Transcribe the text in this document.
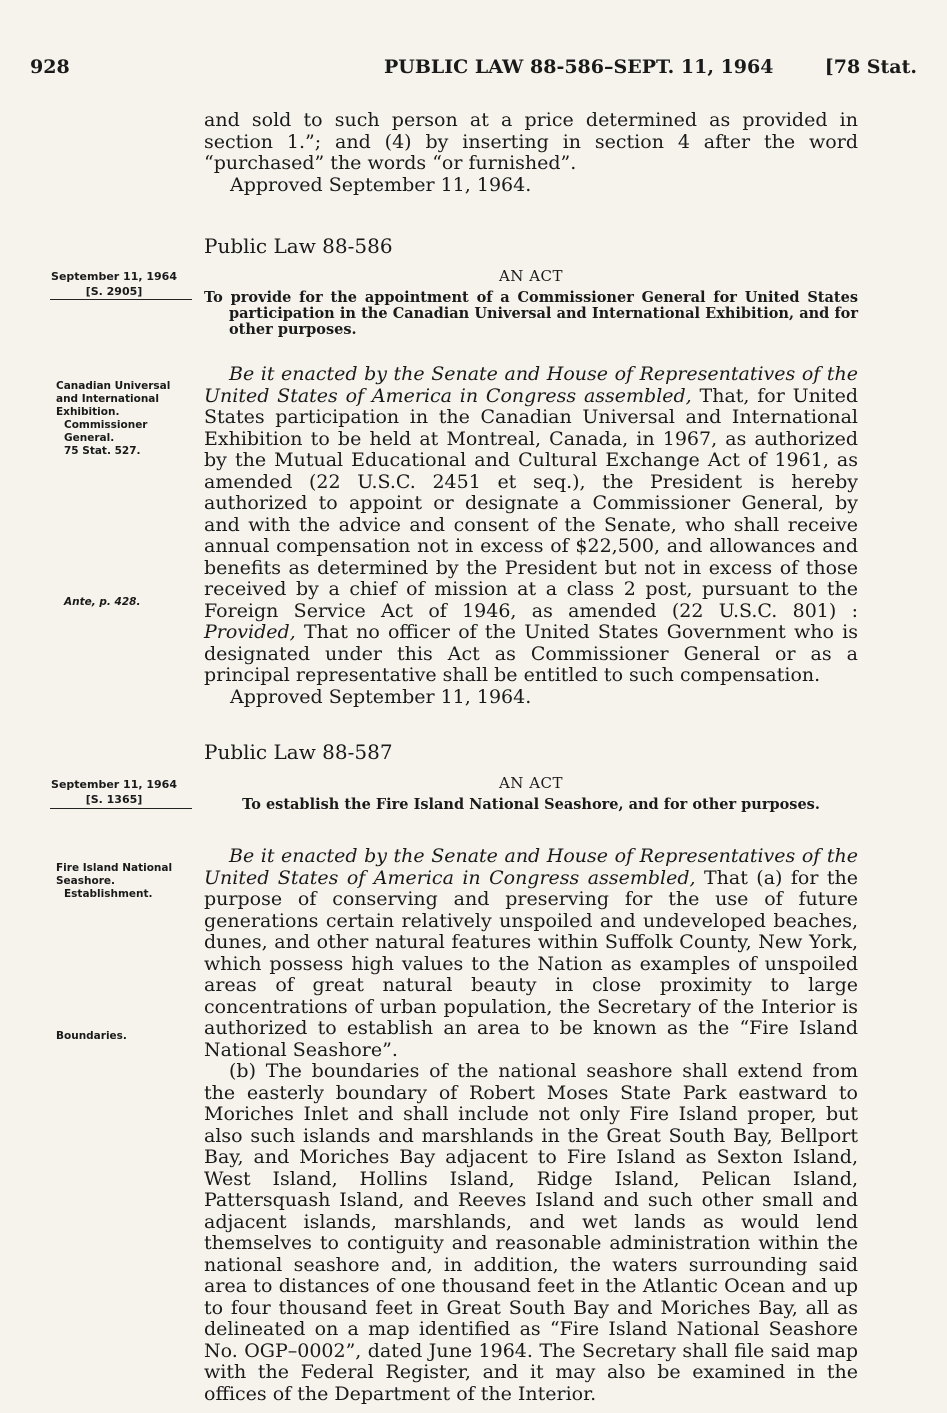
928	PUBLIC LAW 88-586–SEPT. 11, 1964	[78 Stat.

and sold to such person at a price determined as provided in section 1.”; and (4) by inserting in section 4 after the word “purchased” the words “or furnished”.

Approved September 11, 1964.

Public Law 88-586
September 11, 1964
[S. 2905]
AN ACT

To provide for the appointment of a Commissioner General for United States participation in the Canadian Universal and International Exhibition, and for other purposes.

Canadian Universal and International Exhibition.
Commissioner General.
75 Stat. 527.
Ante, p. 428.

Be it enacted by the Senate and House of Representatives of the United States of America in Congress assembled, That, for United States participation in the Canadian Universal and International Exhibition to be held at Montreal, Canada, in 1967, as authorized by the Mutual Educational and Cultural Exchange Act of 1961, as amended (22 U.S.C. 2451 et seq.), the President is hereby authorized to appoint or designate a Commissioner General, by and with the advice and consent of the Senate, who shall receive annual compensation not in excess of $22,500, and allowances and benefits as determined by the President but not in excess of those received by a chief of mission at a class 2 post, pursuant to the Foreign Service Act of 1946, as amended (22 U.S.C. 801) : Provided, That no officer of the United States Government who is designated under this Act as Commissioner General or as a principal representative shall be entitled to such compensation.

Approved September 11, 1964.

Public Law 88-587
September 11, 1964
[S. 1365]
AN ACT

To establish the Fire Island National Seashore, and for other purposes.

Fire Island National Seashore.
Establishment.
Boundaries.

Be it enacted by the Senate and House of Representatives of the United States of America in Congress assembled, That (a) for the purpose of conserving and preserving for the use of future generations certain relatively unspoiled and undeveloped beaches, dunes, and other natural features within Suffolk County, New York, which possess high values to the Nation as examples of unspoiled areas of great natural beauty in close proximity to large concentrations of urban population, the Secretary of the Interior is authorized to establish an area to be known as the “Fire Island National Seashore”.

(b) The boundaries of the national seashore shall extend from the easterly boundary of Robert Moses State Park eastward to Moriches Inlet and shall include not only Fire Island proper, but also such islands and marshlands in the Great South Bay, Bellport Bay, and Moriches Bay adjacent to Fire Island as Sexton Island, West Island, Hollins Island, Ridge Island, Pelican Island, Pattersquash Island, and Reeves Island and such other small and adjacent islands, marshlands, and wet lands as would lend themselves to contiguity and reasonable administration within the national seashore and, in addition, the waters surrounding said area to distances of one thousand feet in the Atlantic Ocean and up to four thousand feet in Great South Bay and Moriches Bay, all as delineated on a map identified as “Fire Island National Seashore No. OGP–0002”, dated June 1964. The Secretary shall file said map with the Federal Register, and it may also be examined in the offices of the Department of the Interior.
